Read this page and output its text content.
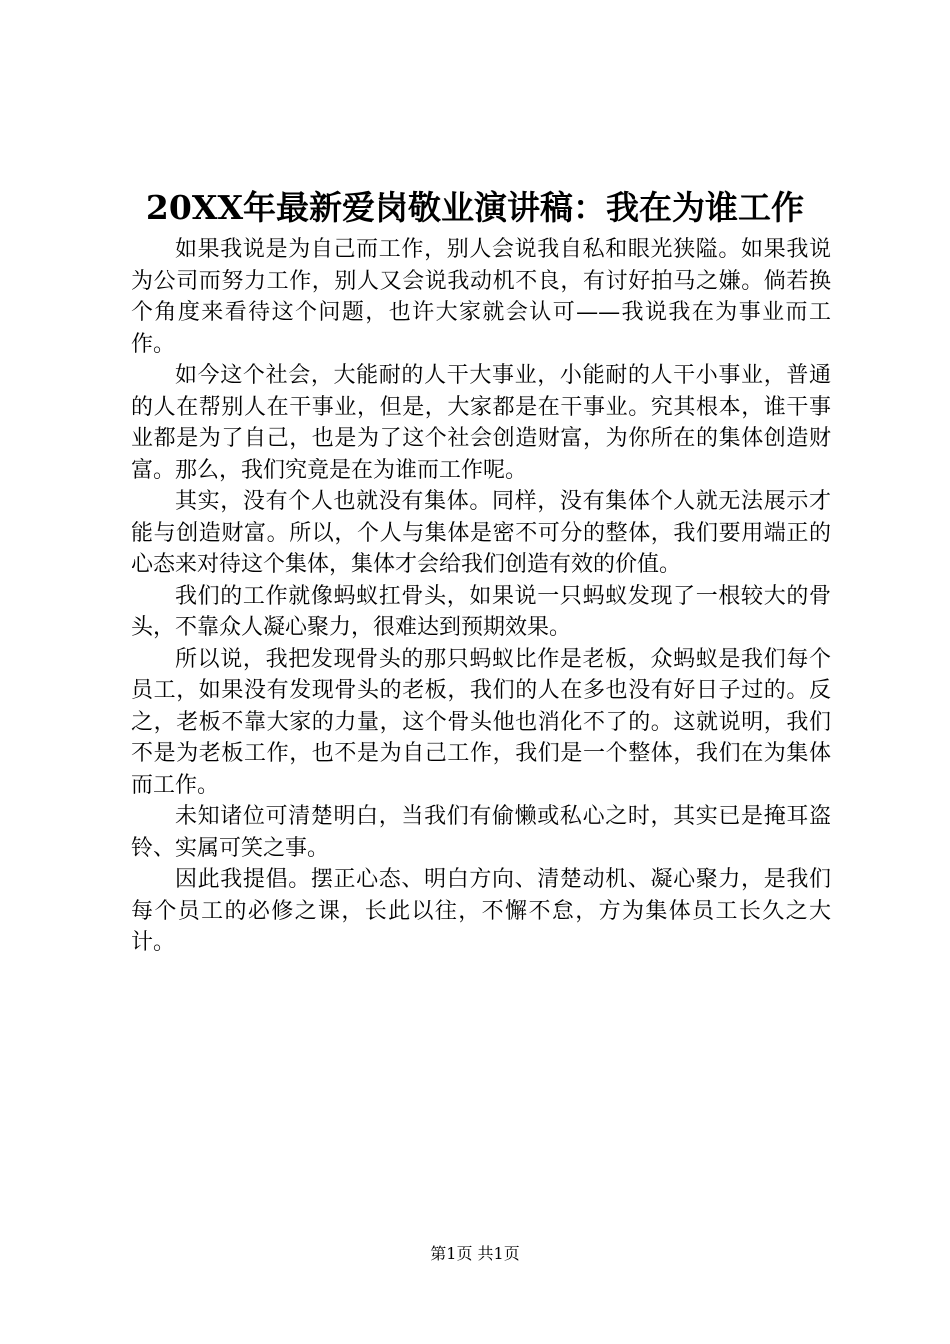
20XX年最新爱岗敬业演讲稿：我在为谁工作

如果我说是为自己而工作，别人会说我自私和眼光狭隘。如果我说为公司而努力工作，别人又会说我动机不良，有讨好拍马之嫌。倘若换个角度来看待这个问题，也许大家就会认可——我说我在为事业而工作。

如今这个社会，大能耐的人干大事业，小能耐的人干小事业，普通的人在帮别人在干事业，但是，大家都是在干事业。究其根本，谁干事业都是为了自己，也是为了这个社会创造财富，为你所在的集体创造财富。那么，我们究竟是在为谁而工作呢。

其实，没有个人也就没有集体。同样，没有集体个人就无法展示才能与创造财富。所以，个人与集体是密不可分的整体，我们要用端正的心态来对待这个集体，集体才会给我们创造有效的价值。

我们的工作就像蚂蚁扛骨头，如果说一只蚂蚁发现了一根较大的骨头，不靠众人凝心聚力，很难达到预期效果。

所以说，我把发现骨头的那只蚂蚁比作是老板，众蚂蚁是我们每个员工，如果没有发现骨头的老板，我们的人在多也没有好日子过的。反之，老板不靠大家的力量，这个骨头他也消化不了的。这就说明，我们不是为老板工作，也不是为自己工作，我们是一个整体，我们在为集体而工作。

未知诸位可清楚明白，当我们有偷懒或私心之时，其实已是掩耳盗铃、实属可笑之事。

因此我提倡。摆正心态、明白方向、清楚动机、凝心聚力，是我们每个员工的必修之课，长此以往，不懈不怠，方为集体员工长久之大计。

第1页 共1页
